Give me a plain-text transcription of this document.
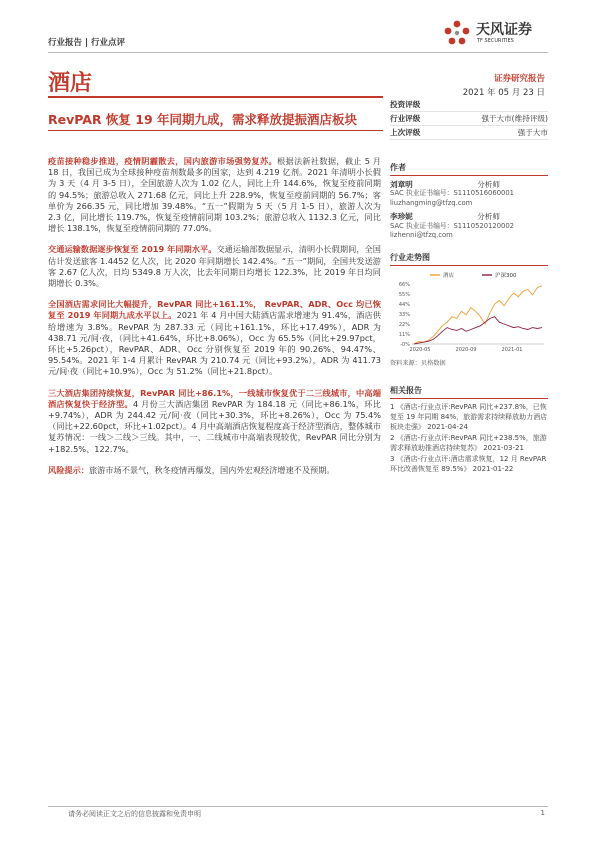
行业报告 | 行业点评
天风证券
TF SECURITIES
酒店	证券研究报告
2021 年 05 月 23 日
RevPAR 恢复 19 年同期九成，需求释放提振酒店板块

疫苗接种稳步推进，疫情阴霾散去，国内旅游市场强势复苏。根据法新社数据，截止 5 月 18 日，我国已成为全球接种疫苗剂数最多的国家，达到 4.219 亿剂。2021 年清明小长假为 3 天（4 月 3-5 日），全国旅游人次为 1.02 亿人，同比上升 144.6%，恢复至疫前同期的 94.5%；旅游总收入 271.68 亿元，同比上升 228.9%，恢复至疫前同期的 56.7%；客单价为 266.35 元，同比增加 39.48%。“五一”假期为 5 天（5 月 1-5 日），旅游人次为 2.3 亿，同比增长 119.7%，恢复至疫情前同期 103.2%；旅游总收入 1132.3 亿元，同比增长 138.1%，恢复至疫情前同期的 77.0%。

交通运输数据逐步恢复至 2019 年同期水平。交通运输部数据显示，清明小长假期间，全国估计发送旅客 1.4452 亿人次，比 2020 年同期增长 142.4%。“五一”期间，全国共发送游客 2.67 亿人次，日均 5349.8 万人次，比去年同期日均增长 122.3%，比 2019 年日均同期增长 0.3%。

全国酒店需求同比大幅提升，RevPAR 同比+161.1%， RevPAR、ADR、Occ 均已恢复至 2019 年同期九成水平以上。2021 年 4 月中国大陆酒店需求增速为 91.4%，酒店供给增速为 3.8%。RevPAR 为 287.33 元（同比+161.1%，环比+17.49%），ADR 为 438.71 元/间·夜，（同比+41.64%，环比+8.06%），Occ 为 65.5%（同比+29.97pct，环比+5.26pct），RevPAR、ADR、Occ 分别恢复至 2019 年的 90.26%、94.47%、95.54%。2021 年 1-4 月累计 RevPAR 为 210.74 元（同比+93.2%），ADR 为 411.73 元/间·夜（同比+10.9%），Occ 为 51.2%（同比+21.8pct）。

三大酒店集团持续恢复，RevPAR 同比+86.1%，一线城市恢复优于二三线城市，中高端酒店恢复快于经济型。4 月份三大酒店集团 RevPAR 为 184.18 元（同比+86.1%，环比+9.74%），ADR 为 244.42 元/间·夜（同比+30.3%，环比+8.26%），Occ 为 75.4%（同比+22.60pct，环比+1.02pct）。4 月中高端酒店恢复程度高于经济型酒店，整体城市复苏情况：一线＞二线＞三线。其中，一、二线城市中高端表现较优，RevPAR 同比分别为+182.5%、122.7%。

风险提示：旅游市场不景气，秋冬疫情再爆发，国内外宏观经济增速不及预期。

投资评级
行业评级	强于大市(维持评级)
上次评级	强于大市
作者
刘章明	分析师
SAC 执业证书编号：S1110516060001
liuzhangming@tfzq.com
李珍妮	分析师
SAC 执业证书编号：S1110520120002
lizhenni@tfzq.com
行业走势图
-0%
11%
22%
33%
44%
55%
66%
2020-05	2020-09	2021-01
酒店	沪深300
资料来源：贝格数据
相关报告
1 《酒店-行业点评:RevPAR 同比+237.8%，已恢复至 19 年同期 84%，旅游需求持续释放助力酒店板块走强》 2021-04-24
2 《酒店-行业点评:RevPAR 同比+238.5%，旅游需求释放助推酒店持续复苏》 2021-03-21
3 《酒店-行业点评:酒店需求恢复，12 月 RevPAR 环比改善恢复至 89.5%》 2021-01-22
请务必阅读正文之后的信息披露和免责申明	1
